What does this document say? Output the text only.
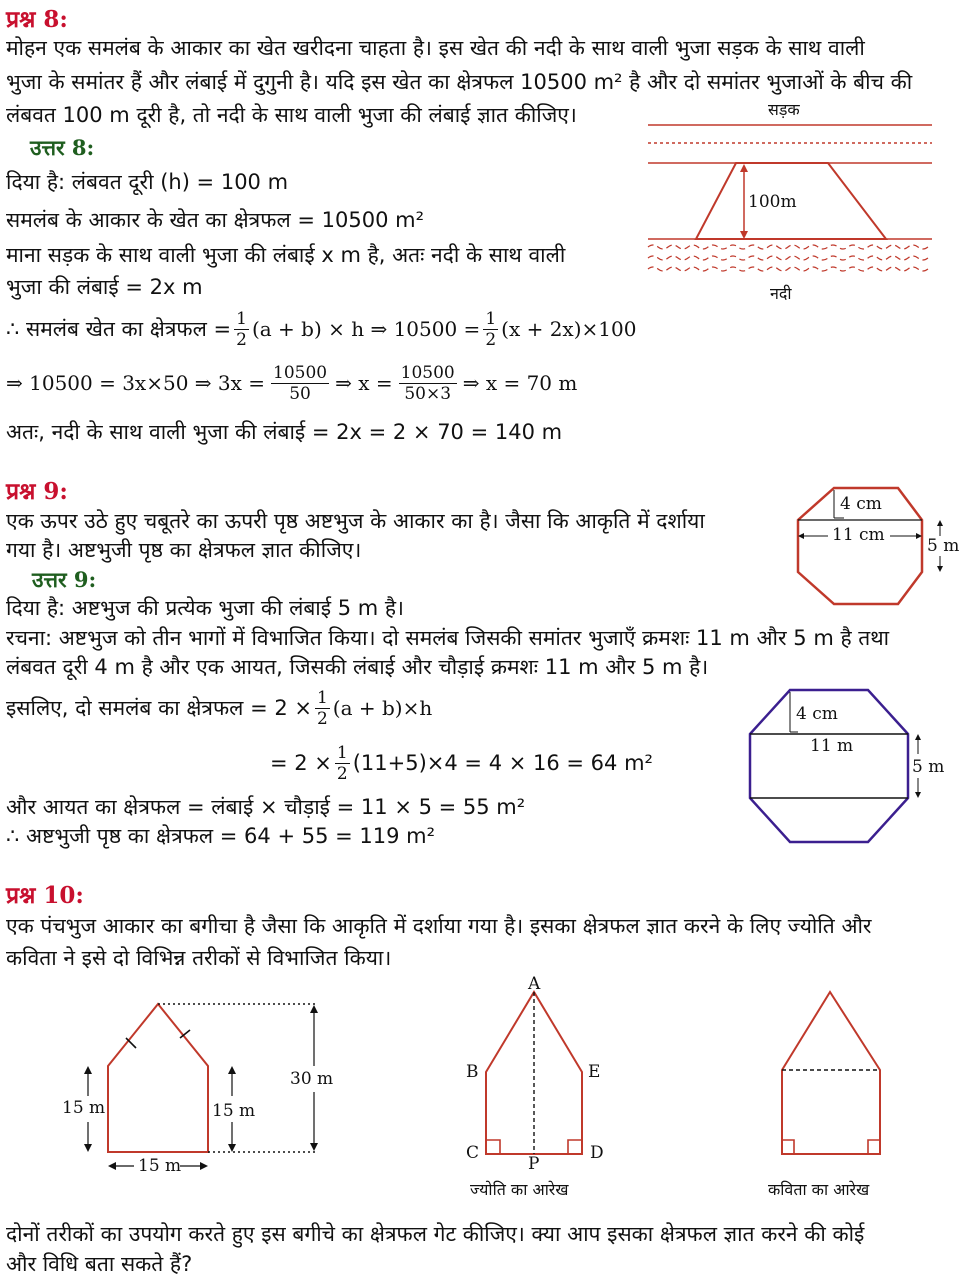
प्रश्न 8:
मोहन एक समलंब के आकार का खेत खरीदना चाहता है। इस खेत की नदी के साथ वाली भुजा सड़क के साथ वाली
भुजा के समांतर हैं और लंबाई में दुगुनी है। यदि इस खेत का क्षेत्रफल 10500 m² है और दो समांतर भुजाओं के बीच की
लंबवत 100 m दूरी है, तो नदी के साथ वाली भुजा की लंबाई ज्ञात कीजिए।
उत्तर 8:
दिया है: लंबवत दूरी (h) = 100 m
समलंब के आकार के खेत का क्षेत्रफल = 10500 m²
माना सड़क के साथ वाली भुजा की लंबाई x m है, अतः नदी के साथ वाली
भुजा की लंबाई = 2x m
∴ समलंब खेत का क्षेत्रफल = $\frac{1}{2} (a + b) \times h$ ⇒ $10500 = \frac{1}{2} (x + 2x)\times 100$
⇒ 10500 = 3x×50 ⇒ $3x = \frac{10500}{50}$ ⇒ $x = \frac{10500}{50\times 3}$ ⇒ x = 70 m
अतः, नदी के साथ वाली भुजा की लंबाई = 2x = 2 × 70 = 140 m
सड़क
100m
नदी
प्रश्न 9:
एक ऊपर उठे हुए चबूतरे का ऊपरी पृष्ठ अष्टभुज के आकार का है। जैसा कि आकृति में दर्शाया
गया है। अष्टभुजी पृष्ठ का क्षेत्रफल ज्ञात कीजिए।
उत्तर 9:
दिया है: अष्टभुज की प्रत्येक भुजा की लंबाई 5 m है।
रचना: अष्टभुज को तीन भागों में विभाजित किया। दो समलंब जिसकी समांतर भुजाएँ क्रमशः 11 m और 5 m है तथा
लंबवत दूरी 4 m है और एक आयत, जिसकी लंबाई और चौड़ाई क्रमशः 11 m और 5 m है।
इसलिए, दो समलंब का क्षेत्रफल = $2 \times \frac{1}{2} (a + b)\times h$
= $2 \times \frac{1}{2} (11+5)\times 4 = 4 \times 16 = 64$ m²
और आयत का क्षेत्रफल = लंबाई × चौड़ाई = 11 × 5 = 55 m²
∴ अष्टभुजी पृष्ठ का क्षेत्रफल = 64 + 55 = 119 m²
4 cm
11 cm
5 m
4 cm
11 m
5 m
प्रश्न 10:
एक पंचभुज आकार का बगीचा है जैसा कि आकृति में दर्शाया गया है। इसका क्षेत्रफल ज्ञात करने के लिए ज्योति और
कविता ने इसे दो विभिन्न तरीकों से विभाजित किया।
15 m	15 m
30 m
15 m
A
B	E
C	D
P
ज्योति का आरेख	कविता का आरेख
दोनों तरीकों का उपयोग करते हुए इस बगीचे का क्षेत्रफल गेट कीजिए। क्या आप इसका क्षेत्रफल ज्ञात करने की कोई
और विधि बता सकते हैं?
